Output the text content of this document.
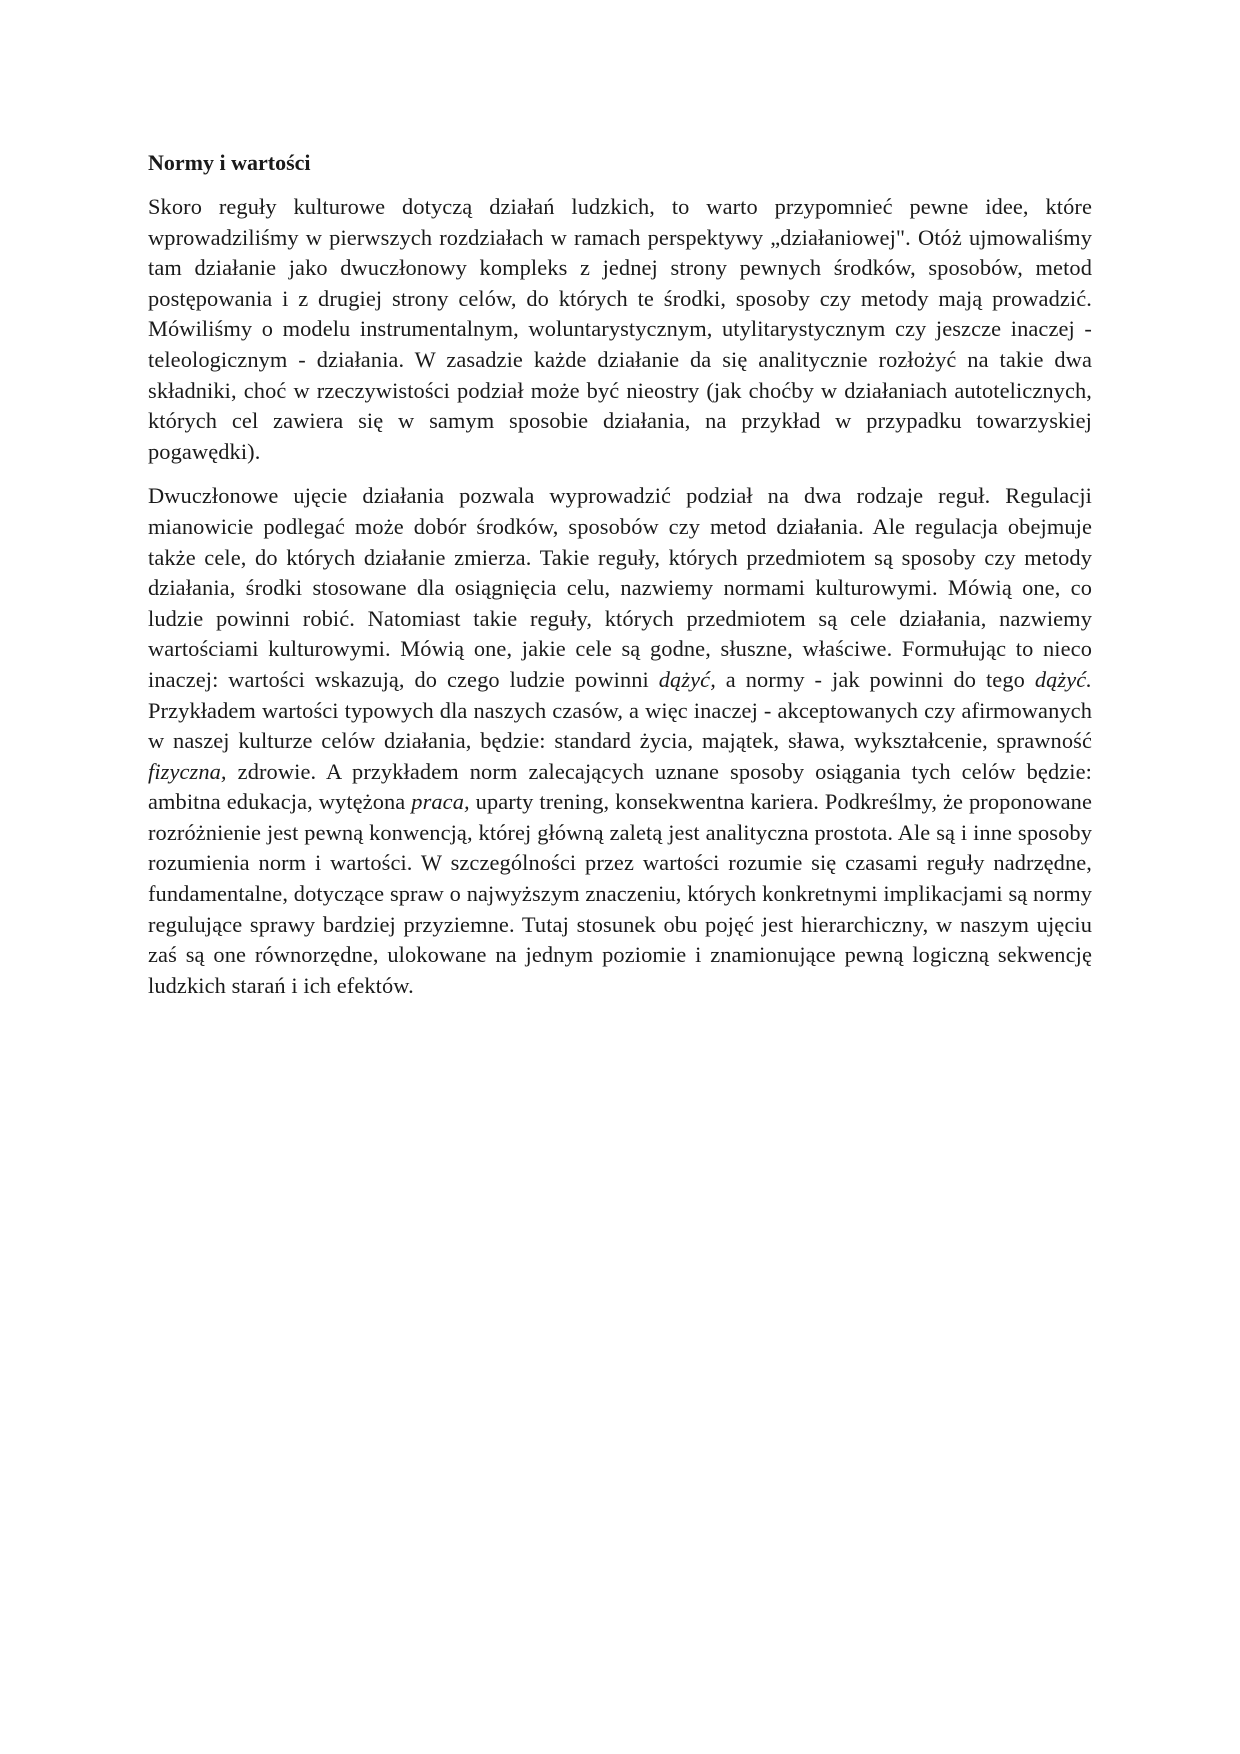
Normy i wartości

Skoro reguły kulturowe dotyczą działań ludzkich, to warto przypomnieć pewne idee, które wprowadziliśmy w pierwszych rozdziałach w ramach perspektywy „działaniowej". Otóż ujmowaliśmy tam działanie jako dwuczłonowy kompleks z jednej strony pewnych środków, sposobów, metod postępowania i z drugiej strony celów, do których te środki, sposoby czy metody mają prowadzić. Mówiliśmy o modelu instrumentalnym, woluntarystycznym, utylitarystycznym czy jeszcze inaczej - teleologicznym - działania. W zasadzie każde działanie da się analitycznie rozłożyć na takie dwa składniki, choć w rzeczywistości podział może być nieostry (jak choćby w działaniach autotelicznych, których cel zawiera się w samym sposobie działania, na przykład w przypadku towarzyskiej pogawędki).

Dwuczłonowe ujęcie działania pozwala wyprowadzić podział na dwa rodzaje reguł. Regulacji mianowicie podlegać może dobór środków, sposobów czy metod działania. Ale regulacja obejmuje także cele, do których działanie zmierza. Takie reguły, których przedmiotem są sposoby czy metody działania, środki stosowane dla osiągnięcia celu, nazwiemy normami kulturowymi. Mówią one, co ludzie powinni robić. Natomiast takie reguły, których przedmiotem są cele działania, nazwiemy wartościami kulturowymi. Mówią one, jakie cele są godne, słuszne, właściwe. Formułując to nieco inaczej: wartości wskazują, do czego ludzie powinni dążyć, a normy - jak powinni do tego dążyć. Przykładem wartości typowych dla naszych czasów, a więc inaczej - akceptowanych czy afirmowanych w naszej kulturze celów działania, będzie: standard życia, majątek, sława, wykształcenie, sprawność fizyczna, zdrowie. A przykładem norm zalecających uznane sposoby osiągania tych celów będzie: ambitna edukacja, wytężona praca, uparty trening, konsekwentna kariera. Podkreślmy, że proponowane rozróżnienie jest pewną konwencją, której główną zaletą jest analityczna prostota. Ale są i inne sposoby rozumienia norm i wartości. W szczególności przez wartości rozumie się czasami reguły nadrzędne, fundamentalne, dotyczące spraw o najwyższym znaczeniu, których konkretnymi implikacjami są normy regulujące sprawy bardziej przyziemne. Tutaj stosunek obu pojęć jest hierarchiczny, w naszym ujęciu zaś są one równorzędne, ulokowane na jednym poziomie i znamionujące pewną logiczną sekwencję ludzkich starań i ich efektów.
